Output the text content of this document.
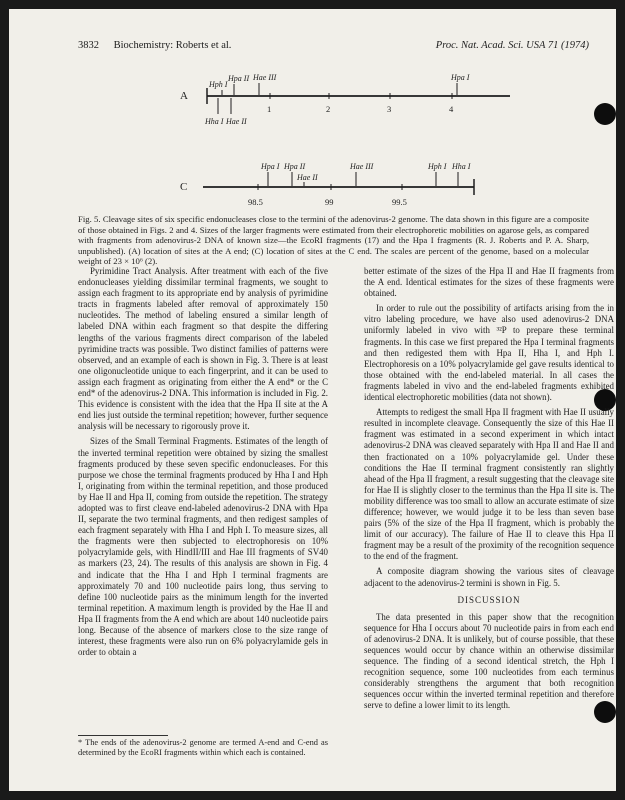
3832 Biochemistry: Roberts et al.	Proc. Nat. Acad. Sci. USA 71 (1974)
A
Hph I
Hpa II Hae III	Hpa I
Hha I Hae II
1	2	3	4
C
Hpa I Hpa II	Hae III	Hph I Hha I
Hae II
98.5	99	99.5
Fig. 5. Cleavage sites of six specific endonucleases close to the termini of the adenovirus-2 genome. The data shown in this figure are a composite of those obtained in Figs. 2 and 4. Sizes of the larger fragments were estimated from their electrophoretic mobilities on agarose gels, as compared with fragments from adenovirus-2 DNA of known size—the EcoRI fragments (17) and the Hpa I fragments (R. J. Roberts and P. A. Sharp, unpublished). (A) location of sites at the A end; (C) location of sites at the C end. The scales are percent of the genome, based on a molecular weight of 23 × 10⁶ (2).

Pyrimidine Tract Analysis. After treatment with each of the five endonucleases yielding dissimilar terminal fragments, we sought to assign each fragment to its appropriate end by analysis of pyrimidine tracts in fragments labeled after removal of approximately 150 nucleotides. The method of labeling ensured a similar length of labeled DNA within each fragment so that despite the differing lengths of the various fragments direct comparison of the labeled pyrimidine tracts was possible. Two distinct families of patterns were observed, and an example of each is shown in Fig. 3. There is at least one oligonucleotide unique to each fingerprint, and it can be used to assign each fragment as originating from either the A end* or the C end* of the adenovirus-2 DNA. This information is included in Fig. 2. This evidence is consistent with the idea that the Hpa II site at the A end lies just outside the terminal repetition; however, further sequence analysis will be necessary to rigorously prove it.

Sizes of the Small Terminal Fragments. Estimates of the length of the inverted terminal repetition were obtained by sizing the smallest fragments produced by these seven specific endonucleases. For this purpose we chose the terminal fragments produced by Hha I and Hph I, originating from within the terminal repetition, and those produced by Hae II and Hpa II, coming from outside the repetition. The strategy adopted was to first cleave end-labeled adenovirus-2 DNA with Hpa II, separate the two terminal fragments, and then redigest samples of each fragment separately with Hha I and Hph I. To measure sizes, all the fragments were then subjected to electrophoresis on 10% polyacrylamide gels, with HindII/III and Hae III fragments of SV40 as markers (23, 24). The results of this analysis are shown in Fig. 4 and indicate that the Hha I and Hph I terminal fragments are approximately 70 and 100 nucleotide pairs long, thus serving to define 100 nucleotide pairs as the minimum length for the inverted terminal repetition. A maximum length is provided by the Hae II and Hpa II fragments from the A end which are about 140 nucleotide pairs long. Because of the absence of markers close to the size range of interest, these fragments were also run on 6% polyacrylamide gels in order to obtain a

* The ends of the adenovirus-2 genome are termed A-end and C-end as determined by the EcoRI fragments within which each is contained.

better estimate of the sizes of the Hpa II and Hae II fragments from the A end. Identical estimates for the sizes of these fragments were obtained.

In order to rule out the possibility of artifacts arising from the in vitro labeling procedure, we have also used adenovirus-2 DNA uniformly labeled in vivo with ³²P to prepare these terminal fragments. In this case we first prepared the Hpa I terminal fragments and then redigested them with Hpa II, Hha I, and Hph I. Electrophoresis on a 10% polyacrylamide gel gave results identical to those obtained with the end-labeled material. In all cases the fragments labeled in vivo and the end-labeled fragments exhibited identical electrophoretic mobilities (data not shown).

Attempts to redigest the small Hpa II fragment with Hae II usually resulted in incomplete cleavage. Consequently the size of this Hae II fragment was estimated in a second experiment in which intact adenovirus-2 DNA was cleaved separately with Hpa II and Hae II and then fractionated on a 10% polyacrylamide gel. Under these conditions the Hae II terminal fragment consistently ran slightly ahead of the Hpa II fragment, a result suggesting that the cleavage site for Hae II is slightly closer to the terminus than the Hpa II site is. The mobility difference was too small to allow an accurate estimate of size difference; however, we would judge it to be less than seven base pairs (5% of the size of the Hpa II fragment, which is probably the limit of our accuracy). The failure of Hae II to cleave this Hpa II fragment may be a result of the proximity of the recognition sequence to the end of the fragment.

A composite diagram showing the various sites of cleavage adjacent to the adenovirus-2 termini is shown in Fig. 5.

DISCUSSION

The data presented in this paper show that the recognition sequence for Hha I occurs about 70 nucleotide pairs in from each end of adenovirus-2 DNA. It is unlikely, but of course possible, that these sequences would occur by chance within an otherwise dissimilar sequence. The finding of a second identical stretch, the Hph I recognition sequence, some 100 nucleotides from each terminus considerably strengthens the argument that both recognition sequences occur within the inverted terminal repetition and therefore serve to define a lower limit to its length.
